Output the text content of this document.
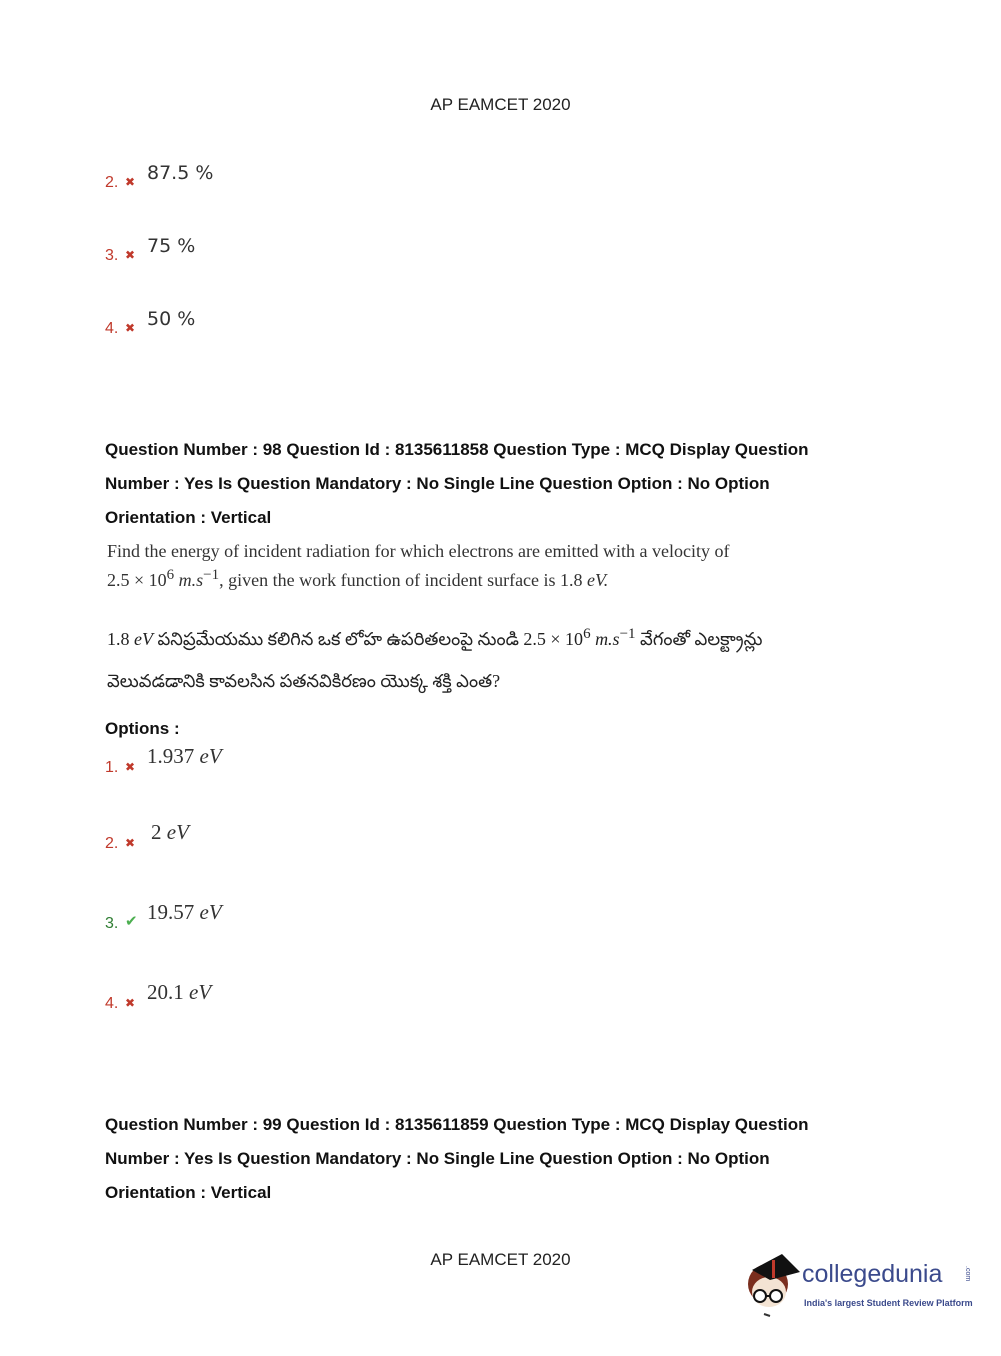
AP EAMCET 2020
2. ✖ 87.5 %
3. ✖ 75 %
4. ✖ 50 %
Question Number : 98 Question Id : 8135611858 Question Type : MCQ Display Question
Number : Yes Is Question Mandatory : No Single Line Question Option : No Option
Orientation : Vertical
Find the energy of incident radiation for which electrons are emitted with a velocity of
$2.5 \times 10^6$ $m.s^{-1}$, given the work function of incident surface is 1.8 eV.
1.8 eV పనిప్రమేయము కలిగిన ఒక లోహ ఉపరితలంపై నుండి $2.5 \times 10^6$ $m.s^{-1}$ వేగంతో ఎలక్ట్రాన్లు
వెలువడడానికి కావలసిన పతనవికిరణం యొక్క శక్తి ఎంత?
Options :
1. ✖ 1.937 eV
2. ✖ 2 eV
3. ✔ 19.57 eV
4. ✖ 20.1 eV
Question Number : 99 Question Id : 8135611859 Question Type : MCQ Display Question
Number : Yes Is Question Mandatory : No Single Line Question Option : No Option
Orientation : Vertical
AP EAMCET 2020
collegedunia	.com
India's largest Student Review Platform
